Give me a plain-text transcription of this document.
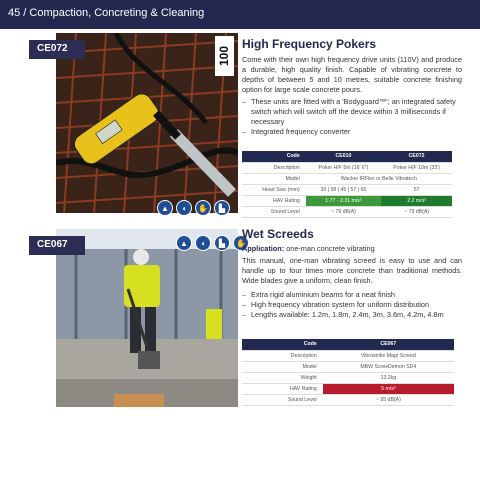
45 / Compaction, Concreting & Cleaning
CE072	100
▲	◖	✋	▙
High Frequency Pokers

Come with their own high frequency drive units (110V) and produce a durable, high quality finish. Capable of vibrating concrete to depths of between 5 and 10 metres, suitable concrete finishing option for large scale concrete pours.

– These units are fitted with a 'Bodyguard™'; an integrated safety switch which will switch off the device within 3 milliseconds if necessary
– Integrated frequency converter
Code	CE010	CE072
Description	Poker H/F 5m (16' 6")	Poker H/F 10m (33')
Model	Wacker IRFlex or Belle Vibratech	
Head Size (mm)	30 | 38 | 45 | 57 | 65	57
HAV Rating	1.77 - 2.31 m/s²	2.2 m/s²
Sound Level	~ 79 dB(A)	~ 79 dB(A)
CE067	▲	◖	▙	✋
Wet Screeds

Application: one-man concrete vibrating

This manual, one-man vibrating screed is easy to use and can handle up to four times more concrete than traditional methods. Wide blades give a uniform, clean finish.

– Extra rigid aluminium beams for a neat finish
– High frequency vibration system for uniform distribution
– Lengths available: 1.2m, 1.8m, 2.4m, 3m, 3.6m, 4.2m, 4.8m
Code	CE067
Description	Vibrostrike Magi Screed
Model	MBW ScreeDemon SD4
Weight	13.2kg
HAV Rating	5 m/s²
Sound Level	~ 95 dB(A)
